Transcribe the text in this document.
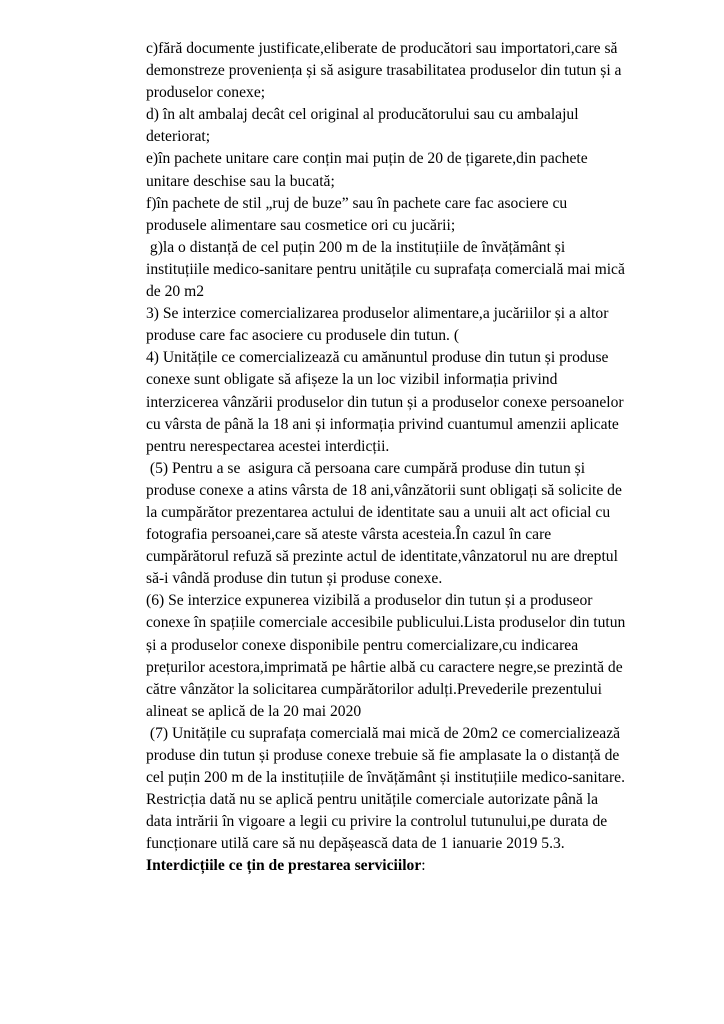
c)fără documente justificate,eliberate de producători sau importatori,care să
demonstreze proveniența și să asigure trasabilitatea produselor din tutun și a
produselor conexe;
d) în alt ambalaj decât cel original al producătorului sau cu ambalajul
deteriorat;
e)în pachete unitare care conțin mai puțin de 20 de țigarete,din pachete
unitare deschise sau la bucată;
f)în pachete de stil „ruj de buze” sau în pachete care fac asociere cu
produsele alimentare sau cosmetice ori cu jucării;
g)la o distanță de cel puțin 200 m de la instituțiile de învățământ și
instituțiile medico-sanitare pentru unitățile cu suprafața comercială mai mică
de 20 m2
3) Se interzice comercializarea produselor alimentare,a jucăriilor și a altor
produse care fac asociere cu produsele din tutun. (
4) Unitățile ce comercializează cu amănuntul produse din tutun și produse
conexe sunt obligate să afișeze la un loc vizibil informația privind
interzicerea vânzării produselor din tutun și a produselor conexe persoanelor
cu vârsta de până la 18 ani și informația privind cuantumul amenzii aplicate
pentru nerespectarea acestei interdicții.
(5) Pentru a se  asigura că persoana care cumpără produse din tutun și
produse conexe a atins vârsta de 18 ani,vânzătorii sunt obligați să solicite de
la cumpărător prezentarea actului de identitate sau a unuii alt act oficial cu
fotografia persoanei,care să ateste vârsta acesteia.În cazul în care
cumpărătorul refuză să prezinte actul de identitate,vânzatorul nu are dreptul
să-i vândă produse din tutun și produse conexe.
(6) Se interzice expunerea vizibilă a produselor din tutun și a produseor
conexe în spațiile comerciale accesibile publicului.Lista produselor din tutun
și a produselor conexe disponibile pentru comercializare,cu indicarea
prețurilor acestora,imprimată pe hârtie albă cu caractere negre,se prezintă de
către vânzător la solicitarea cumpărătorilor adulți.Prevederile prezentului
alineat se aplică de la 20 mai 2020
(7) Unitățile cu suprafața comercială mai mică de 20m2 ce comercializează
produse din tutun și produse conexe trebuie să fie amplasate la o distanță de
cel puțin 200 m de la instituțiile de învățământ și instituțiile medico-sanitare.
Restricția dată nu se aplică pentru unitățile comerciale autorizate până la
data intrării în vigoare a legii cu privire la controlul tutunului,pe durata de
funcționare utilă care să nu depășească data de 1 ianuarie 2019 5.3.
Interdicțiile ce țin de prestarea serviciilor:
